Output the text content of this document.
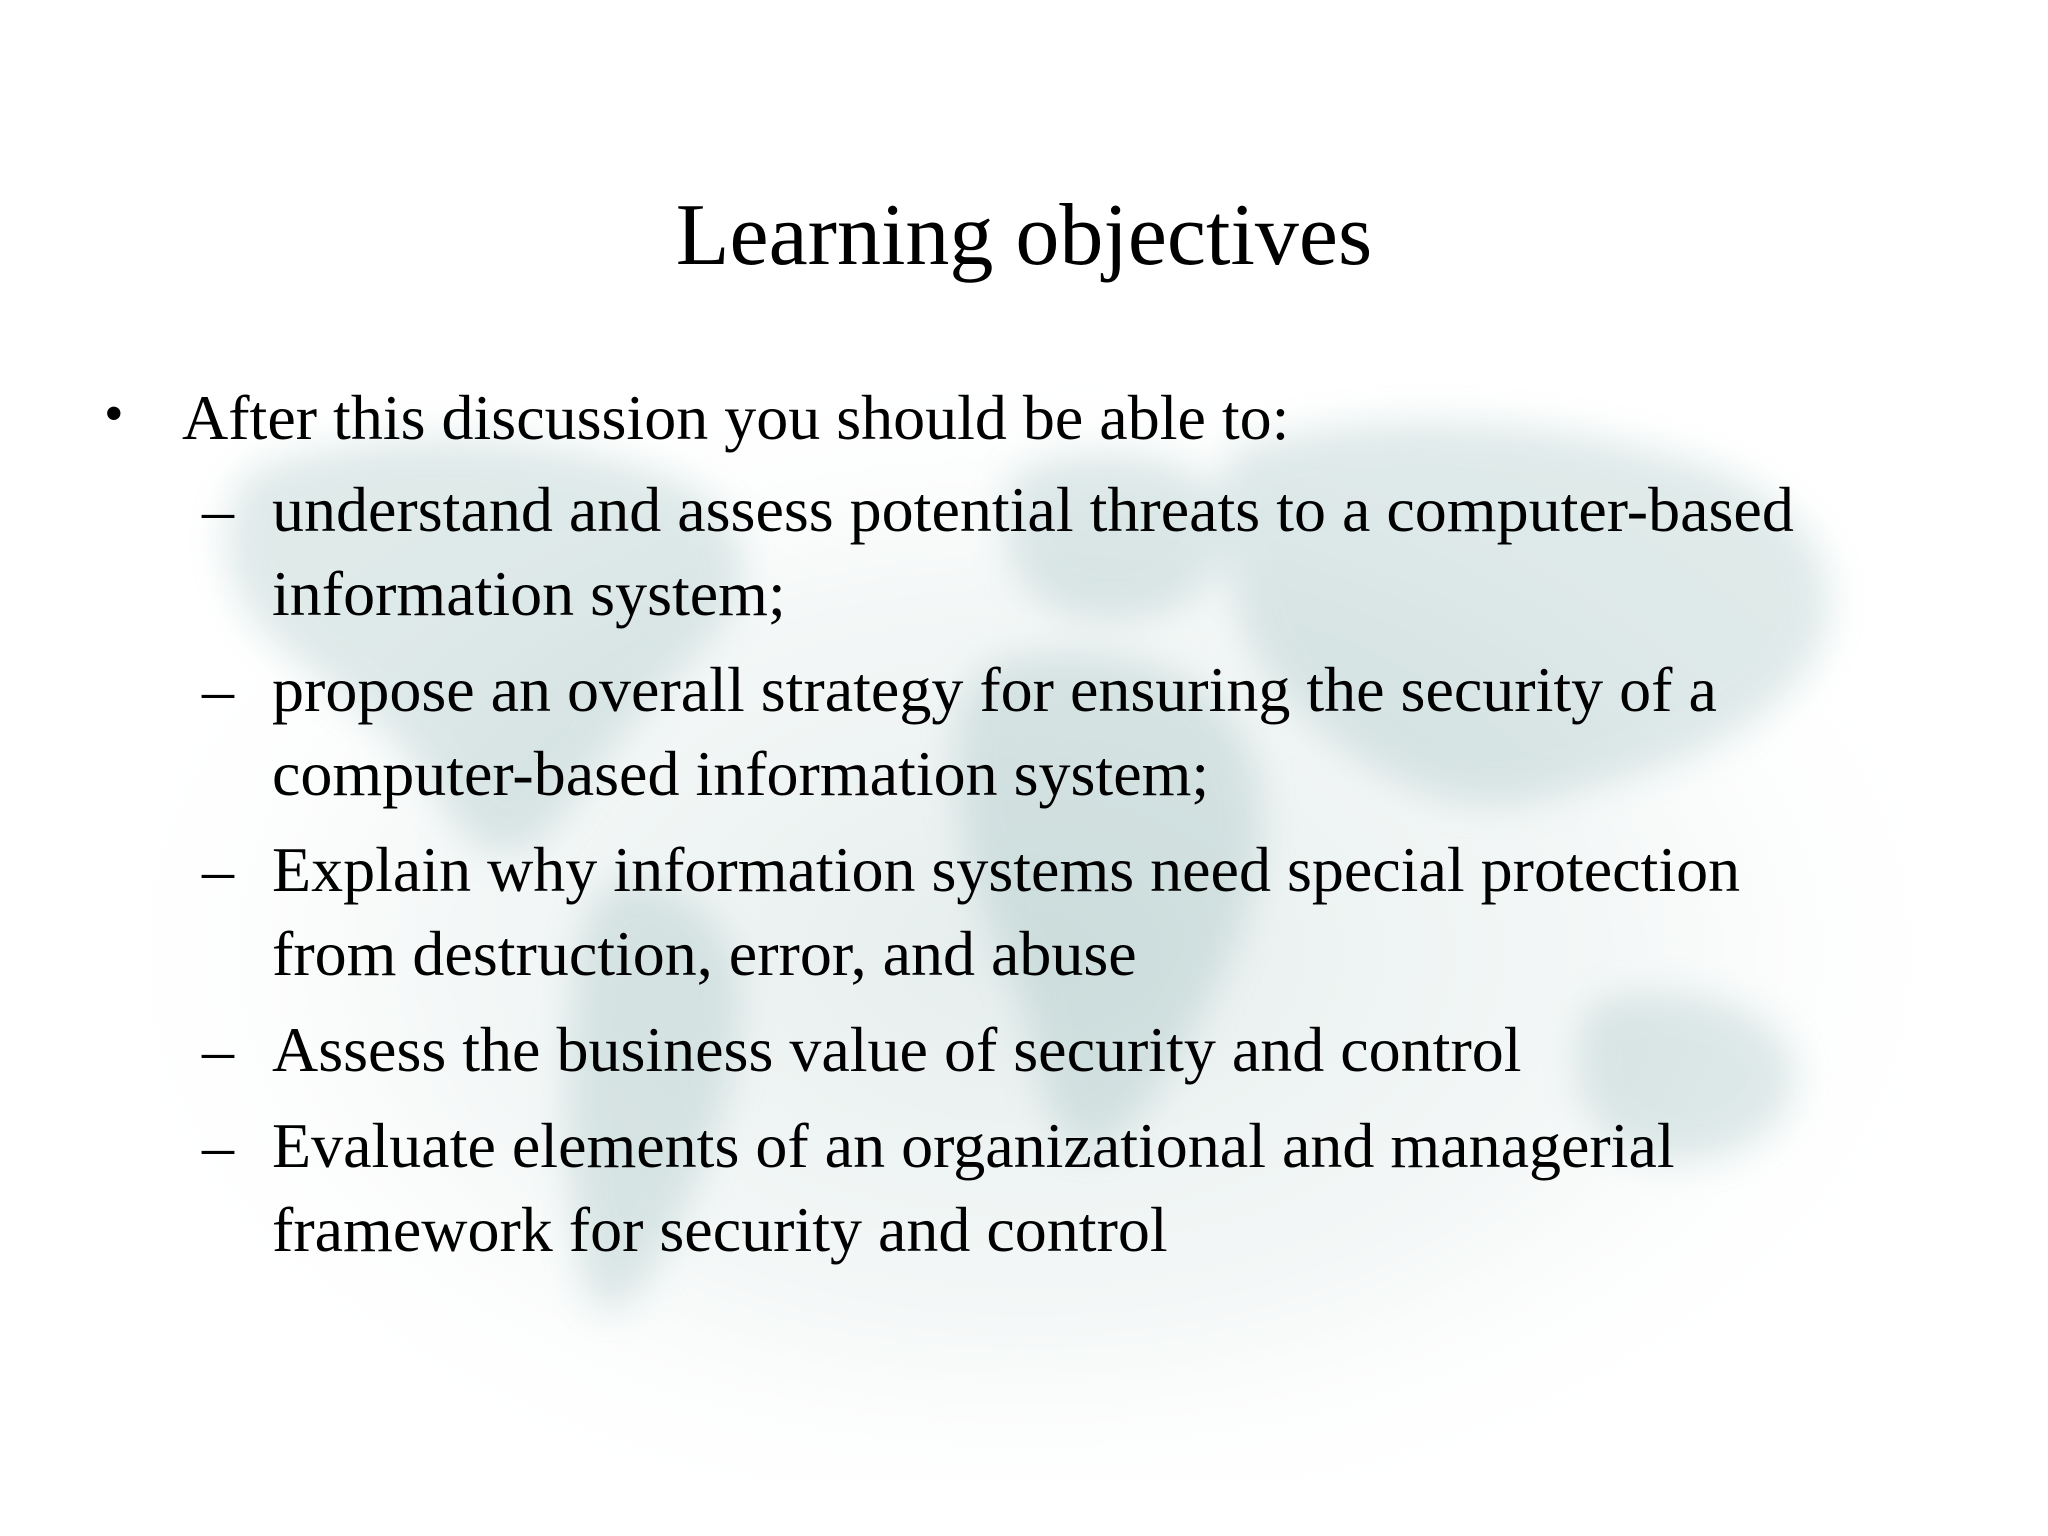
Learning objectives
• After this discussion you should be able to:
– understand and assess potential threats to a computer-based
information system;
– propose an overall strategy for ensuring the security of a
computer-based information system;
– Explain why information systems need special protection
from destruction, error, and abuse
– Assess the business value of security and control
– Evaluate elements of an organizational and managerial
framework for security and control
